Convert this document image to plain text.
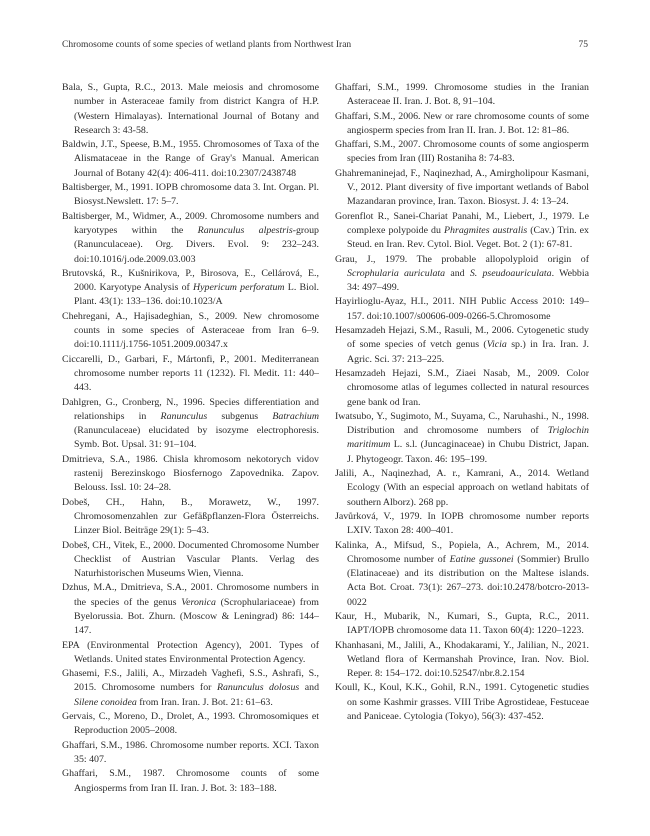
Chromosome counts of some species of wetland plants from Northwest Iran	75

Bala, S., Gupta, R.C., 2013. Male meiosis and chromosome number in Asteraceae family from district Kangra of H.P. (Western Himalayas). International Journal of Botany and Research 3: 43-58.

Baldwin, J.T., Speese, B.M., 1955. Chromosomes of Taxa of the Alismataceae in the Range of Gray's Manual. American Journal of Botany 42(4): 406-411. doi:10.2307/2438748

Baltisberger, M., 1991. IOPB chromosome data 3. Int. Organ. Pl. Biosyst.Newslett. 17: 5–7.

Baltisberger, M., Widmer, A., 2009. Chromosome numbers and karyotypes within the Ranunculus alpestris-group (Ranunculaceae). Org. Divers. Evol. 9: 232–243. doi:10.1016/j.ode.2009.03.003

Brutovská, R., Kušnirikova, P., Birosova, E., Cellárová, E., 2000. Karyotype Analysis of Hypericum perforatum L. Biol. Plant. 43(1): 133–136. doi:10.1023/A

Chehregani, A., Hajisadeghian, S., 2009. New chromosome counts in some species of Asteraceae from Iran 6–9. doi:10.1111/j.1756-1051.2009.00347.x

Ciccarelli, D., Garbari, F., Mártonfi, P., 2001. Mediterranean chromosome number reports 11 (1232). Fl. Medit. 11: 440–443.

Dahlgren, G., Cronberg, N., 1996. Species differentiation and relationships in Ranunculus subgenus Batrachium (Ranunculaceae) elucidated by isozyme electrophoresis. Symb. Bot. Upsal. 31: 91–104.

Dmitrieva, S.A., 1986. Chisla khromosom nekotorych vidov rastenij Berezinskogo Biosfernogo Zapovednika. Zapov. Belouss. Issl. 10: 24–28.

Dobeš, CH., Hahn, B., Morawetz, W., 1997. Chromosomenzahlen zur Gefäßpflanzen-Flora Österreichs. Linzer Biol. Beiträge 29(1): 5–43.

Dobeš, CH., Vitek, E., 2000. Documented Chromosome Number Checklist of Austrian Vascular Plants. Verlag des Naturhistorischen Museums Wien, Vienna.

Dzhus, M.A., Dmitrieva, S.A., 2001. Chromosome numbers in the species of the genus Veronica (Scrophulariaceae) from Byelorussia. Bot. Zhurn. (Moscow & Leningrad) 86: 144–147.

EPA (Environmental Protection Agency), 2001. Types of Wetlands. United states Environmental Protection Agency.

Ghasemi, F.S., Jalili, A., Mirzadeh Vaghefi, S.S., Ashrafi, S., 2015. Chromosome numbers for Ranunculus dolosus and Silene conoidea from Iran. Iran. J. Bot. 21: 61–63.

Gervais, C., Moreno, D., Drolet, A., 1993. Chromosomiques et Reproduction 2005–2008.

Ghaffari, S.M., 1986. Chromosome number reports. XCI. Taxon 35: 407.

Ghaffari, S.M., 1987. Chromosome counts of some Angiosperms from Iran II. Iran. J. Bot. 3: 183–188.

Ghaffari, S.M., 1999. Chromosome studies in the Iranian Asteraceae II. Iran. J. Bot. 8, 91–104.

Ghaffari, S.M., 2006. New or rare chromosome counts of some angiosperm species from Iran II. Iran. J. Bot. 12: 81–86.

Ghaffari, S.M., 2007. Chromosome counts of some angiosperm species from Iran (III) Rostaniha 8: 74-83.

Ghahremaninejad, F., Naqinezhad, A., Amirgholipour Kasmani, V., 2012. Plant diversity of five important wetlands of Babol Mazandaran province, Iran. Taxon. Biosyst. J. 4: 13–24.

Gorenflot R., Sanei-Chariat Panahi, M., Liebert, J., 1979. Le complexe polypoide du Phragmites australis (Cav.) Trin. ex Steud. en Iran. Rev. Cytol. Biol. Veget. Bot. 2 (1): 67-81.

Grau, J., 1979. The probable allopolyploid origin of Scrophularia auriculata and S. pseudoauriculata. Webbia 34: 497–499.

Hayirlioglu-Ayaz, H.I., 2011. NIH Public Access 2010: 149–157. doi:10.1007/s00606-009-0266-5.Chromosome

Hesamzadeh Hejazi, S.M., Rasuli, M., 2006. Cytogenetic study of some species of vetch genus (Vicia sp.) in Ira. Iran. J. Agric. Sci. 37: 213–225.

Hesamzadeh Hejazi, S.M., Ziaei Nasab, M., 2009. Color chromosome atlas of legumes collected in natural resources gene bank od Iran.

Iwatsubo, Y., Sugimoto, M., Suyama, C., Naruhashi., N., 1998. Distribution and chromosome numbers of Triglochin maritimum L. s.l. (Juncaginaceae) in Chubu District, Japan. J. Phytogeogr. Taxon. 46: 195–199.

Jalili, A., Naqinezhad, A. r., Kamrani, A., 2014. Wetland Ecology (With an especial approach on wetland habitats of southern Alborz). 268 pp.

Javůrková, V., 1979. In IOPB chromosome number reports LXIV. Taxon 28: 400–401.

Kalinka, A., Mifsud, S., Popiela, A., Achrem, M., 2014. Chromosome number of Eatine gussonei (Sommier) Brullo (Elatinaceae) and its distribution on the Maltese islands. Acta Bot. Croat. 73(1): 267–273. doi:10.2478/botcro-2013-0022

Kaur, H., Mubarik, N., Kumari, S., Gupta, R.C., 2011. IAPT/IOPB chromosome data 11. Taxon 60(4): 1220–1223.

Khanhasani, M., Jalili, A., Khodakarami, Y., Jalilian, N., 2021. Wetland flora of Kermanshah Province, Iran. Nov. Biol. Reper. 8: 154–172. doi:10.52547/nbr.8.2.154

Koull, K., Koul, K.K., Gohil, R.N., 1991. Cytogenetic studies on some Kashmir grasses. VIII Tribe Agrostideae, Festuceae and Paniceae. Cytologia (Tokyo), 56(3): 437-452.
